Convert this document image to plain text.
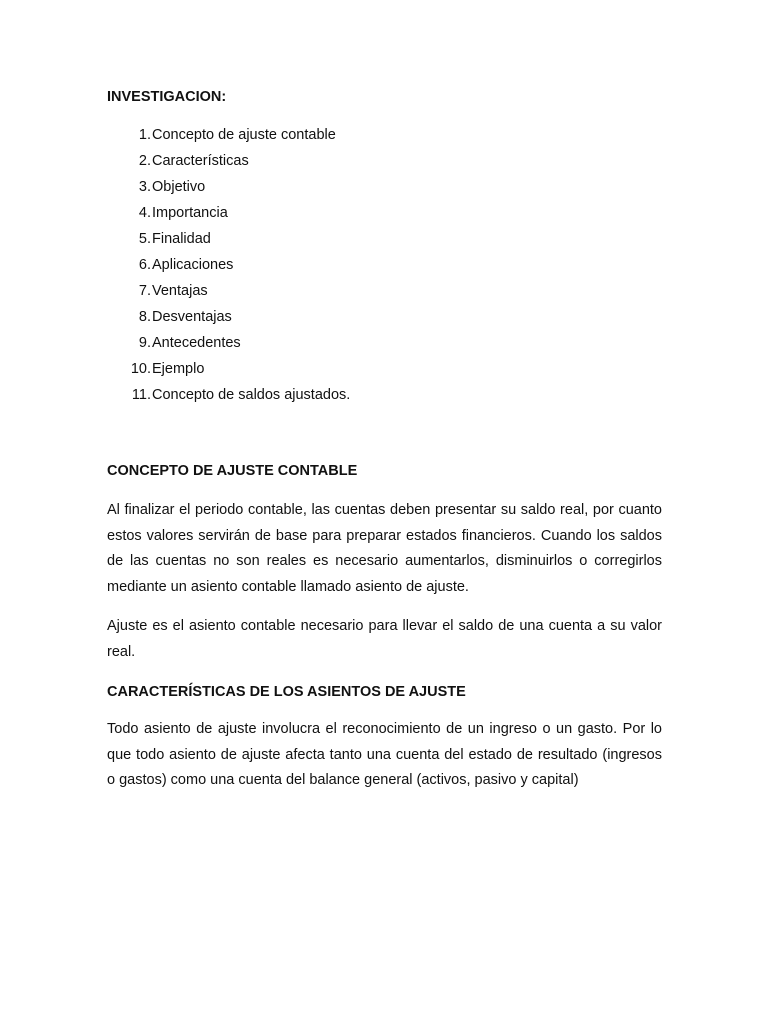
INVESTIGACION:
1. Concepto de ajuste contable
2. Características
3. Objetivo
4. Importancia
5. Finalidad
6. Aplicaciones
7. Ventajas
8. Desventajas
9. Antecedentes
10. Ejemplo
11. Concepto de saldos ajustados.
CONCEPTO DE AJUSTE CONTABLE

Al finalizar el periodo contable, las cuentas deben presentar su saldo real, por cuanto estos valores servirán de base para preparar estados financieros. Cuando los saldos de las cuentas no son reales es necesario aumentarlos, disminuirlos o corregirlos mediante un asiento contable llamado asiento de ajuste.

Ajuste es el asiento contable necesario para llevar el saldo de una cuenta a su valor real.

CARACTERÍSTICAS DE LOS ASIENTOS DE AJUSTE

Todo asiento de ajuste involucra el reconocimiento de un ingreso o un gasto. Por lo que todo asiento de ajuste afecta tanto una cuenta del estado de resultado (ingresos o gastos) como una cuenta del balance general (activos, pasivo y capital)
